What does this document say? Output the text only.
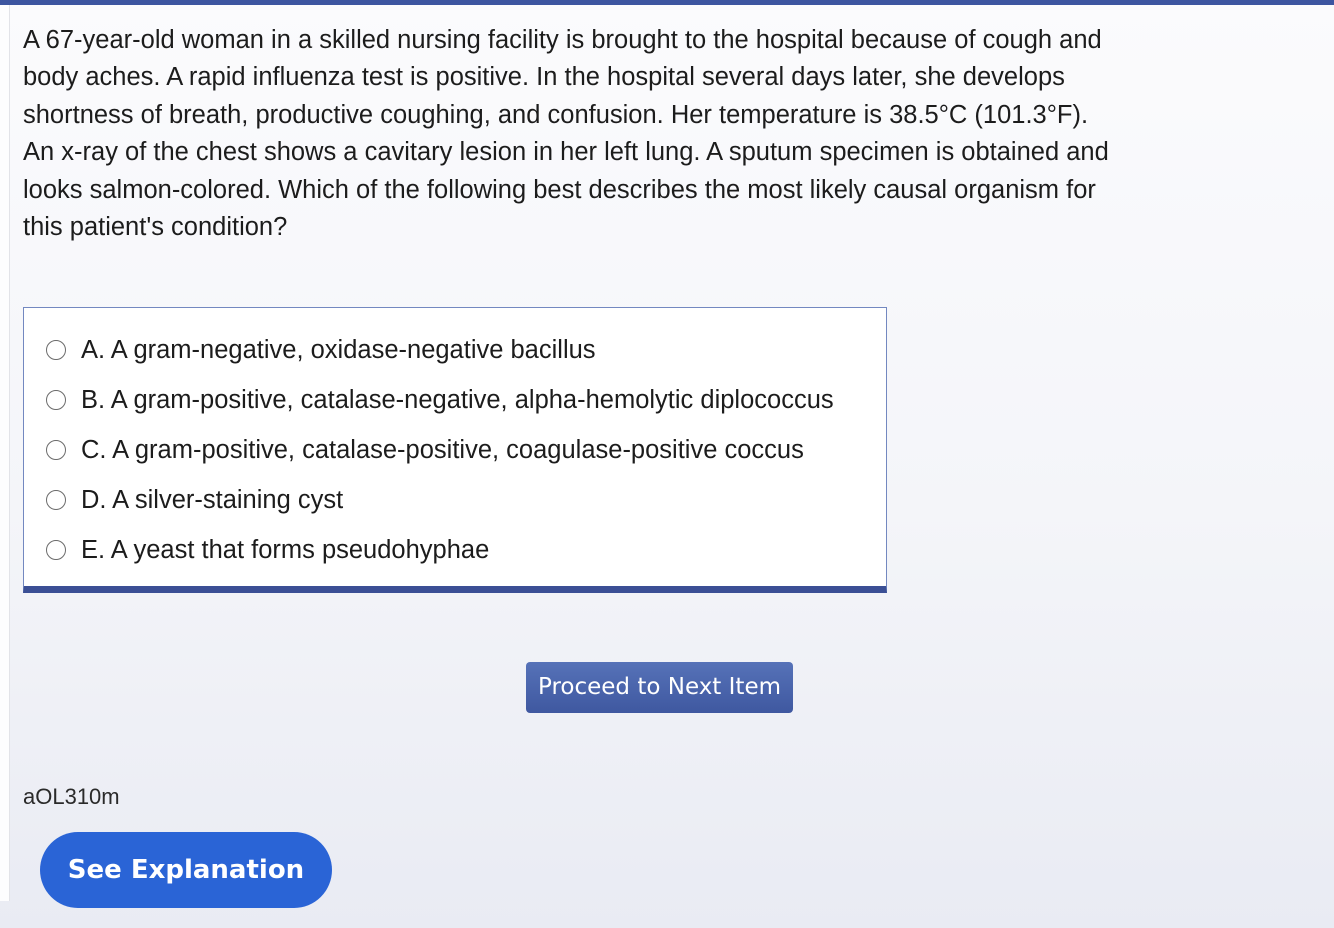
A 67-year-old woman in a skilled nursing facility is brought to the hospital because of cough and body aches. A rapid influenza test is positive. In the hospital several days later, she develops shortness of breath, productive coughing, and confusion. Her temperature is 38.5°C (101.3°F). An x-ray of the chest shows a cavitary lesion in her left lung. A sputum specimen is obtained and looks salmon-colored. Which of the following best describes the most likely causal organism for this patient's condition?

A. A gram-negative, oxidase-negative bacillus
B. A gram-positive, catalase-negative, alpha-hemolytic diplococcus
C. A gram-positive, catalase-positive, coagulase-positive coccus
D. A silver-staining cyst
E. A yeast that forms pseudohyphae
Proceed to Next Item
aOL310m
See Explanation
